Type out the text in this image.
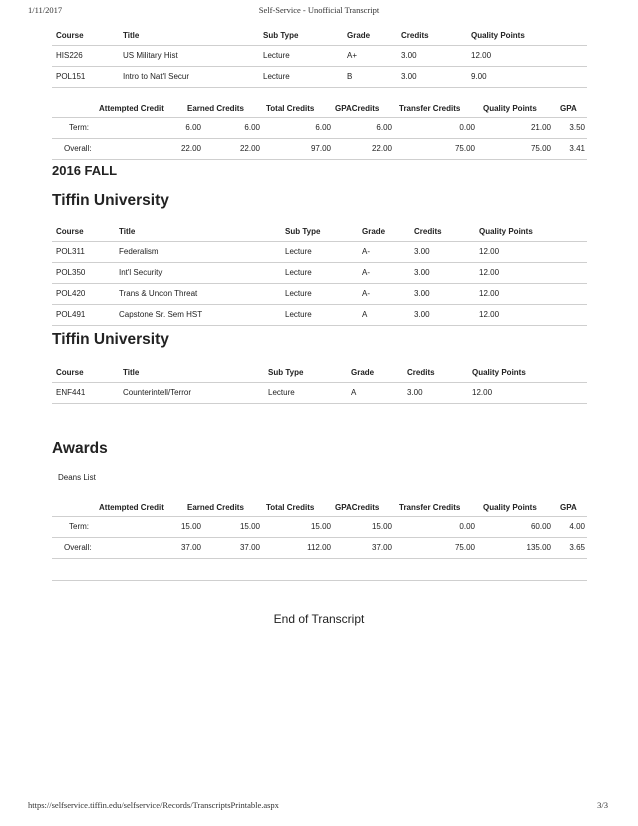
1/11/2017	Self-Service - Unofficial Transcript
Course	Title	Sub Type	Grade	Credits	Quality Points
HIS226	US Military Hist	Lecture	A+	3.00	12.00
POL151	Intro to Nat'l Secur	Lecture	B	3.00	9.00
Attempted Credit	Earned Credits	Total Credits	GPACredits Transfer Credits	Quality Points	GPA
Term:	6.00	6.00	6.00	6.00	0.00	21.00 3.50
Overall:	22.00	22.00	97.00	22.00	75.00	75.00 3.41
2016 FALL
Tiffin University
Course	Title	Sub Type	Grade	Credits	Quality Points
POL311	Federalism	Lecture	A-	3.00	12.00
POL350	Int'l Security	Lecture	A-	3.00	12.00
POL420	Trans & Uncon Threat	Lecture	A-	3.00	12.00
POL491	Capstone Sr. Sem HST	Lecture	A	3.00	12.00
Tiffin University
Course	Title	Sub Type	Grade	Credits	Quality Points
ENF441	Counterintell/Terror	Lecture	A	3.00	12.00
Awards
Deans List
Attempted Credit	Earned Credits	Total Credits	GPACredits Transfer Credits	Quality Points	GPA
Term:	15.00	15.00	15.00	15.00	0.00	60.00 4.00
Overall:	37.00	37.00	112.00	37.00	75.00	135.00 3.65
End of Transcript
https://selfservice.tiffin.edu/selfservice/Records/TranscriptsPrintable.aspx	3/3
